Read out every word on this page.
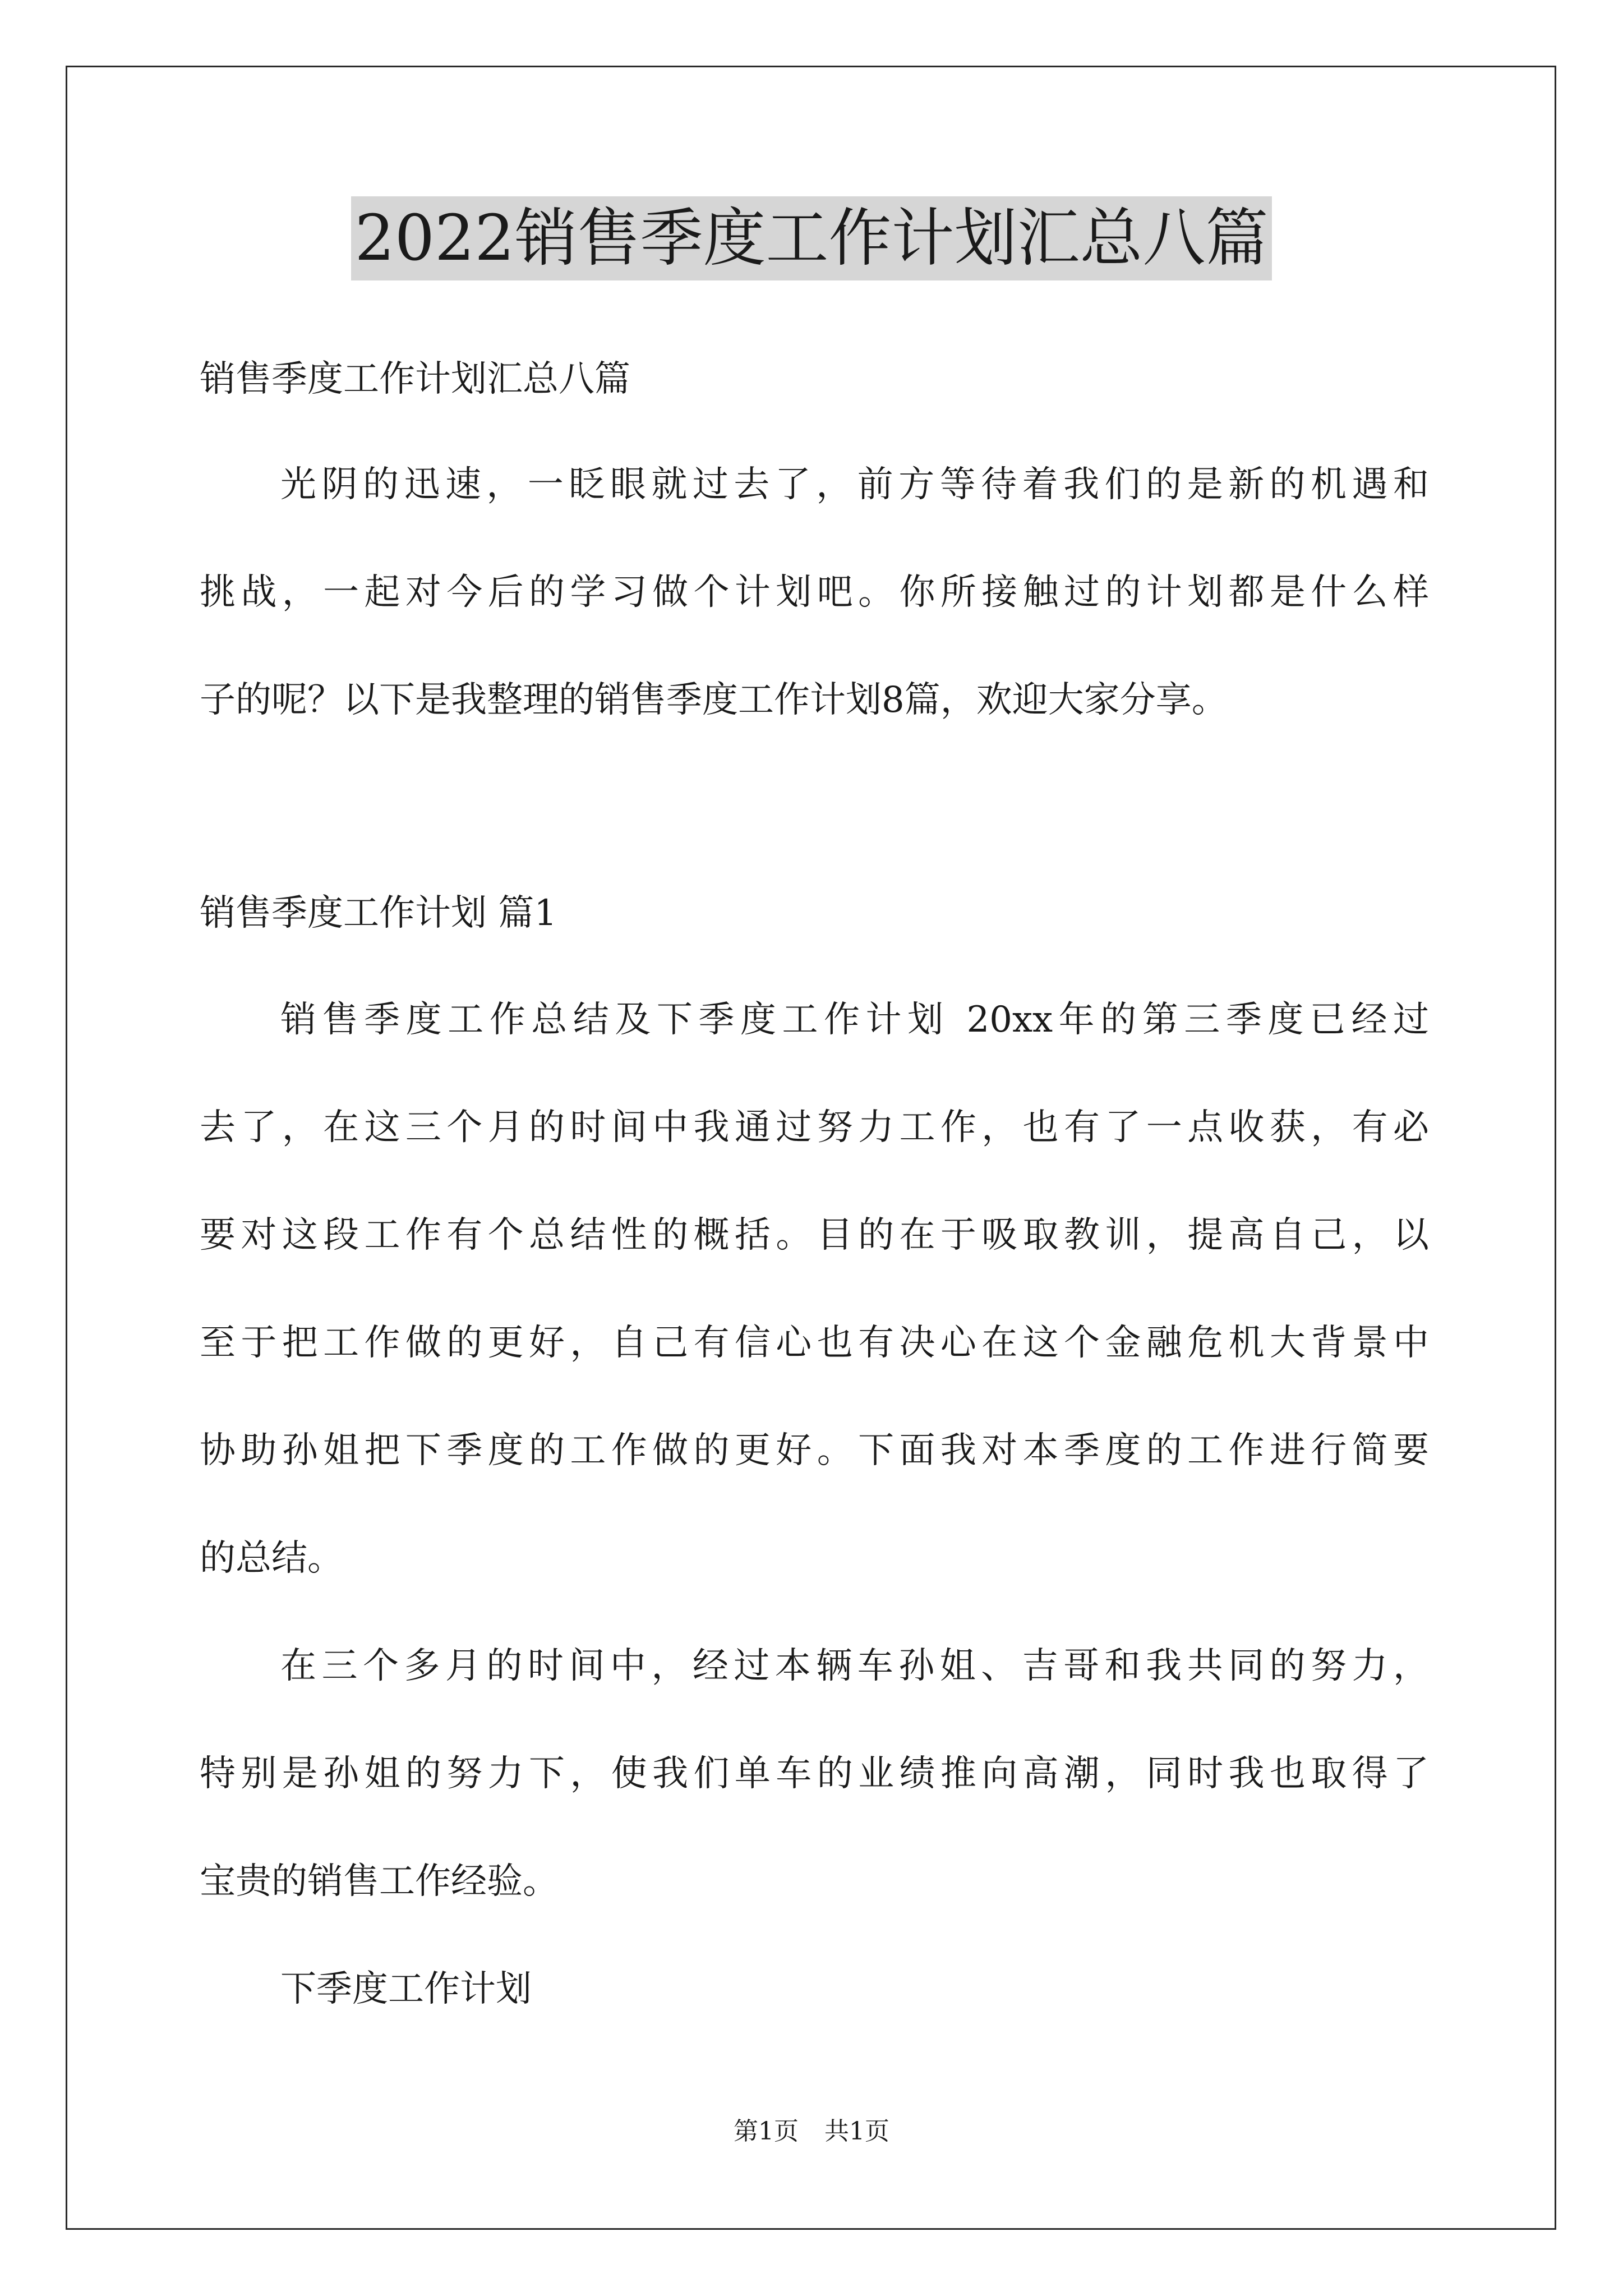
2022销售季度工作计划汇总八篇

销售季度工作计划汇总八篇

光阴的迅速，一眨眼就过去了，前方等待着我们的是新的机遇和

挑战，一起对今后的学习做个计划吧。你所接触过的计划都是什么样

子的呢？以下是我整理的销售季度工作计划8篇，欢迎大家分享。

销售季度工作计划 篇1

销售季度工作总结及下季度工作计划 20xx年的第三季度已经过

去了，在这三个月的时间中我通过努力工作，也有了一点收获，有必

要对这段工作有个总结性的概括。目的在于吸取教训，提高自己，以

至于把工作做的更好，自己有信心也有决心在这个金融危机大背景中

协助孙姐把下季度的工作做的更好。下面我对本季度的工作进行简要

的总结。

在三个多月的时间中，经过本辆车孙姐、吉哥和我共同的努力，

特别是孙姐的努力下，使我们单车的业绩推向高潮，同时我也取得了

宝贵的销售工作经验。

下季度工作计划

第1页 共1页
